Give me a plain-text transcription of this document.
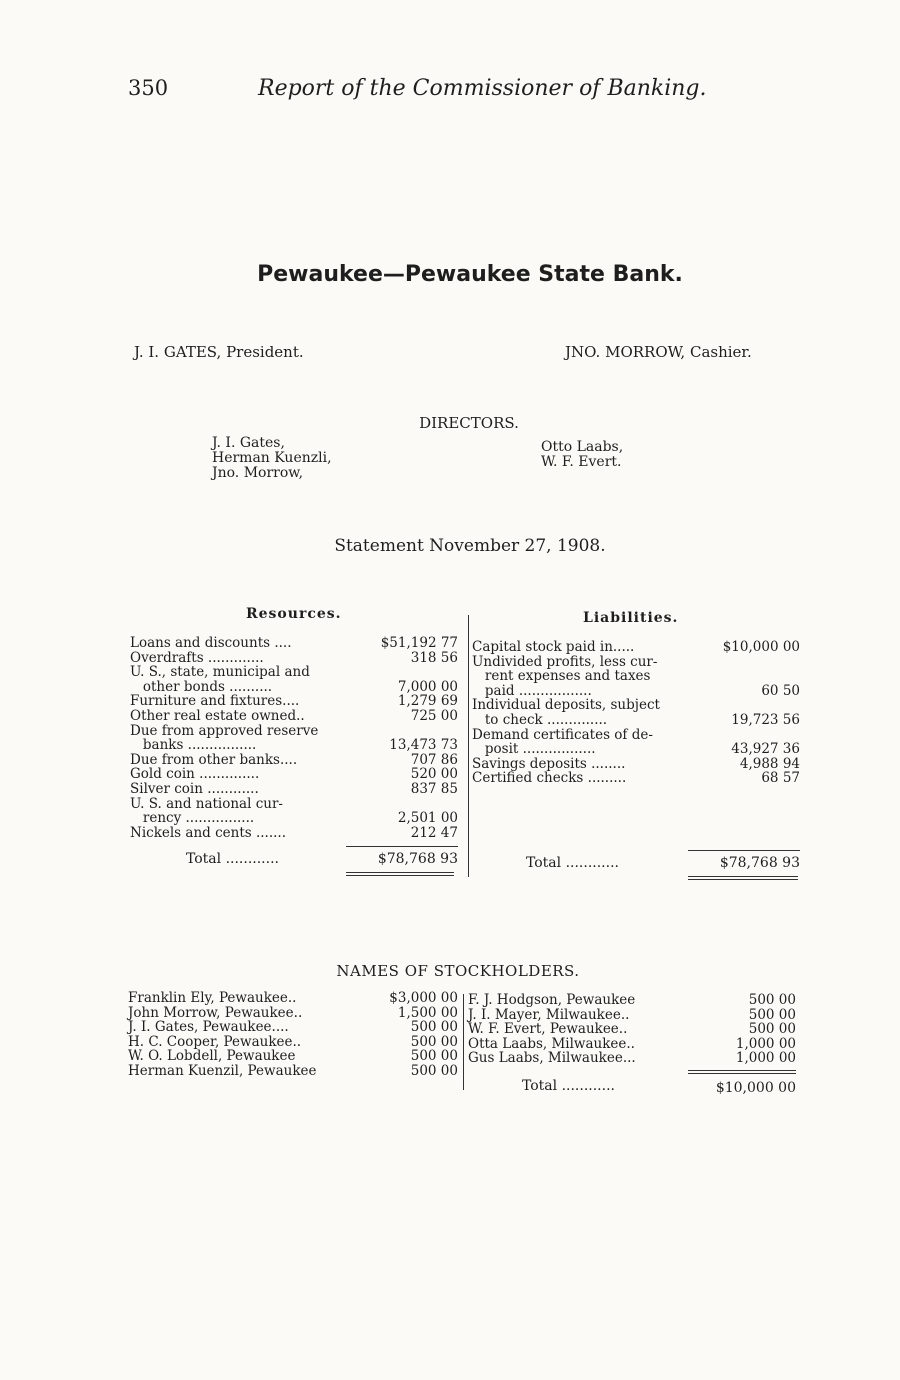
350	Report of the Commissioner of Banking.
Pewaukee—Pewaukee State Bank.
J. I. GATES, President.	JNO. MORROW, Cashier.
DIRECTORS.
J. I. Gates,
Herman Kuenzli,
Jno. Morrow,
Otto Laabs,
W. F. Evert.
Statement November 27, 1908.
Resources.
Loans and discounts ....	$51,192 77
Overdrafts .............	318 56
U. S., state, municipal and
other bonds ..........	7,000 00
Furniture and fixtures....	1,279 69
Other real estate owned..	725 00
Due from approved reserve
banks ................	13,473 73
Due from other banks....	707 86
Gold coin ..............	520 00
Silver coin ............	837 85
U. S. and national cur-
rency ................	2,501 00
Nickels and cents .......	212 47
Total ............	$78,768 93
Liabilities.
Capital stock paid in.....	$10,000 00
Undivided profits, less cur-
rent expenses and taxes
paid .................	60 50
Individual deposits, subject
to check ..............	19,723 56
Demand certificates of de-
posit .................	43,927 36
Savings deposits ........	4,988 94
Certified checks .........	68 57
Total ............	$78,768 93
NAMES OF STOCKHOLDERS.
Franklin Ely, Pewaukee..	$3,000 00
John Morrow, Pewaukee..	1,500 00
J. I. Gates, Pewaukee....	500 00
H. C. Cooper, Pewaukee..	500 00
W. O. Lobdell, Pewaukee	500 00
Herman Kuenzil, Pewaukee	500 00
F. J. Hodgson, Pewaukee	500 00
J. I. Mayer, Milwaukee..	500 00
W. F. Evert, Pewaukee..	500 00
Otta Laabs, Milwaukee..	1,000 00
Gus Laabs, Milwaukee...	1,000 00
Total ............	$10,000 00
